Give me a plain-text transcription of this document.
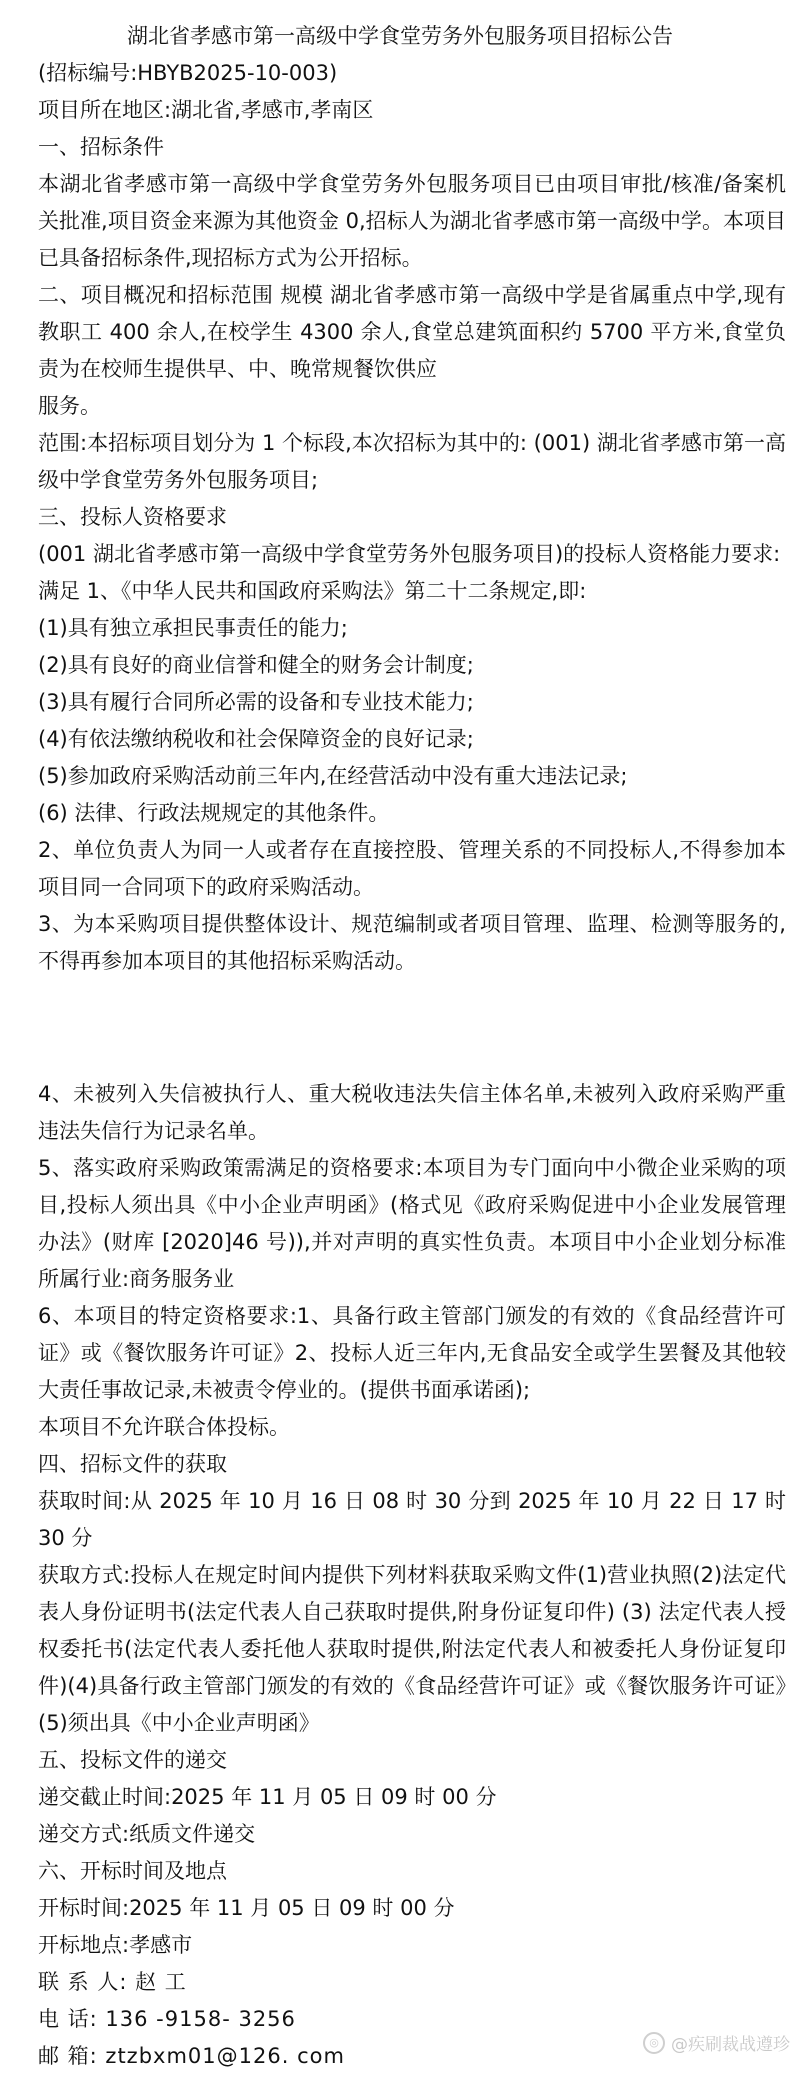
湖北省孝感市第一高级中学食堂劳务外包服务项目招标公告

(招标编号:HBYB2025-10-003)

项目所在地区:湖北省,孝感市,孝南区

一、招标条件

本湖北省孝感市第一高级中学食堂劳务外包服务项目已由项目审批/核准/备案机关批准,项目资金来源为其他资金 0,招标人为湖北省孝感市第一高级中学。本项目已具备招标条件,现招标方式为公开招标。

二、项目概况和招标范围 规模 湖北省孝感市第一高级中学是省属重点中学,现有教职工 400 余人,在校学生 4300 余人,食堂总建筑面积约 5700 平方米,食堂负责为在校师生提供早、中、晚常规餐饮供应

服务。

范围:本招标项目划分为 1 个标段,本次招标为其中的: (001) 湖北省孝感市第一高级中学食堂劳务外包服务项目;

三、投标人资格要求

(001 湖北省孝感市第一高级中学食堂劳务外包服务项目)的投标人资格能力要求:

满足 1、《中华人民共和国政府采购法》第二十二条规定,即:

(1)具有独立承担民事责任的能力;

(2)具有良好的商业信誉和健全的财务会计制度;

(3)具有履行合同所必需的设备和专业技术能力;

(4)有依法缴纳税收和社会保障资金的良好记录;

(5)参加政府采购活动前三年内,在经营活动中没有重大违法记录;

(6) 法律、行政法规规定的其他条件。

2、单位负责人为同一人或者存在直接控股、管理关系的不同投标人,不得参加本项目同一合同项下的政府采购活动。

3、为本采购项目提供整体设计、规范编制或者项目管理、监理、检测等服务的,不得再参加本项目的其他招标采购活动。

4、未被列入失信被执行人、重大税收违法失信主体名单,未被列入政府采购严重违法失信行为记录名单。

5、落实政府采购政策需满足的资格要求:本项目为专门面向中小微企业采购的项目,投标人须出具《中小企业声明函》(格式见《政府采购促进中小企业发展管理办法》(财库 [2020]46 号)),并对声明的真实性负责。本项目中小企业划分标准所属行业:商务服务业

6、本项目的特定资格要求:1、具备行政主管部门颁发的有效的《食品经营许可证》或《餐饮服务许可证》2、投标人近三年内,无食品安全或学生罢餐及其他较大责任事故记录,未被责令停业的。(提供书面承诺函);

本项目不允许联合体投标。

四、招标文件的获取

获取时间:从 2025 年 10 月 16 日 08 时 30 分到 2025 年 10 月 22 日 17 时 30 分

获取方式:投标人在规定时间内提供下列材料获取采购文件(1)营业执照(2)法定代表人身份证明书(法定代表人自己获取时提供,附身份证复印件) (3) 法定代表人授权委托书(法定代表人委托他人获取时提供,附法定代表人和被委托人身份证复印件)(4)具备行政主管部门颁发的有效的《食品经营许可证》或《餐饮服务许可证》(5)须出具《中小企业声明函》

五、投标文件的递交

递交截止时间:2025 年 11 月 05 日 09 时 00 分

递交方式:纸质文件递交

六、开标时间及地点

开标时间:2025 年 11 月 05 日 09 时 00 分

开标地点:孝感市

联 系 人: 赵 工

电 话: 136 -9158- 3256

邮 箱: ztzbxm01@126. com

◎ @疾刷裁战遵珍
